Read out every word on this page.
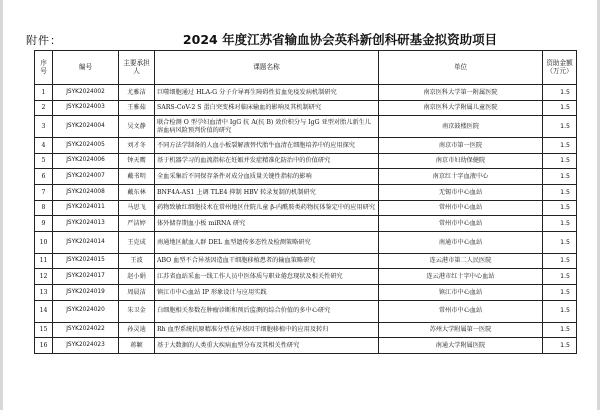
附件：	2024 年度江苏省输血协会英科新创科研基金拟资助项目
序号	编号	主要承担人	课题名称	单位	资助金额（万元）
1	JSYK2024002	尤雅洁	巨噬细胞通过 HLA-G 分子介导再生障碍性贫血免疫发病机制研究	南京医科大学第一附属医院	1.5
2	JSYK2024003	王雅茹	SARS-CoV-2 S 蛋白突变株对临床输血的影响及其机制研究	南京医科大学附属儿童医院	1.5
3	JSYK2024004	吴文静	联合检测 O 型孕妇血清中 IgG 抗 A(抗 B) 效价积分与 IgG 亚型对胎儿新生儿溶血病风险预判价值的研究	南京鼓楼医院	1.5
4	JSYK2024005	刘才冬	不同方法学制备的人血小板裂解液替代胎牛血清在细胞培养中的应用探究	南京市第一医院	1.5
5	JSYK2024006	钟天鹰	基于机器学习的血流指标在妊娠并发症精准化防治中的价值研究	南京市妇幼保健院	1.5
6	JSYK2024007	戴书明	全血采集后不同保存条件对成分血质量关键性指标的影响	南京红十字血液中心	1.5
7	JSYK2024008	戴东林	BNF4A-AS1 上调 TLE4 抑制 HBV 转录复制的机制研究	无锡市中心血站	1.5
8	JSYK2024011	马思飞	药物致敏红细胞技术在常州地区住院儿童 β-内酰胺类药物抗体鉴定中的应用研究	常州市中心血站	1.5
9	JSYK2024013	严洁婷	体外储存期血小板 miRNA 研究	常州市中心血站	1.5
10	JSYK2024014	王克成	南通地区献血人群 DEL 血型遗传多态性及检测策略研究	南通市中心血站	1.5
11	JSYK2024015	王波	ABO 血型不合异基因造血干细胞移植患者的输血策略研究	连云港市第二人民医院	1.5
12	JSYK2024017	赵小娟	江苏省血站采血一线工作人员中医体质与职业倦怠现状及相关性研究	连云港市红十字中心血站	1.5
13	JSYK2024019	周晨洁	镇江市中心血站 IP 形象设计与应用实践	镇江市中心血站	1.5
14	JSYK2024020	朱卫金	白细胞相关参数在肿瘤诊断和预后监测的综合价值的多中心研究	常州市中心血站	1.5
15	JSYK2024022	孙灵迪	Rh 血型系统抗原精准分型在异基因干细胞移植中的应用及转归	苏州大学附属第一医院	1.5
16	JSYK2024023	蒋颖	基于大数据的人类重大疾病血型分布及其相关性研究	南通大学附属医院	1.5
